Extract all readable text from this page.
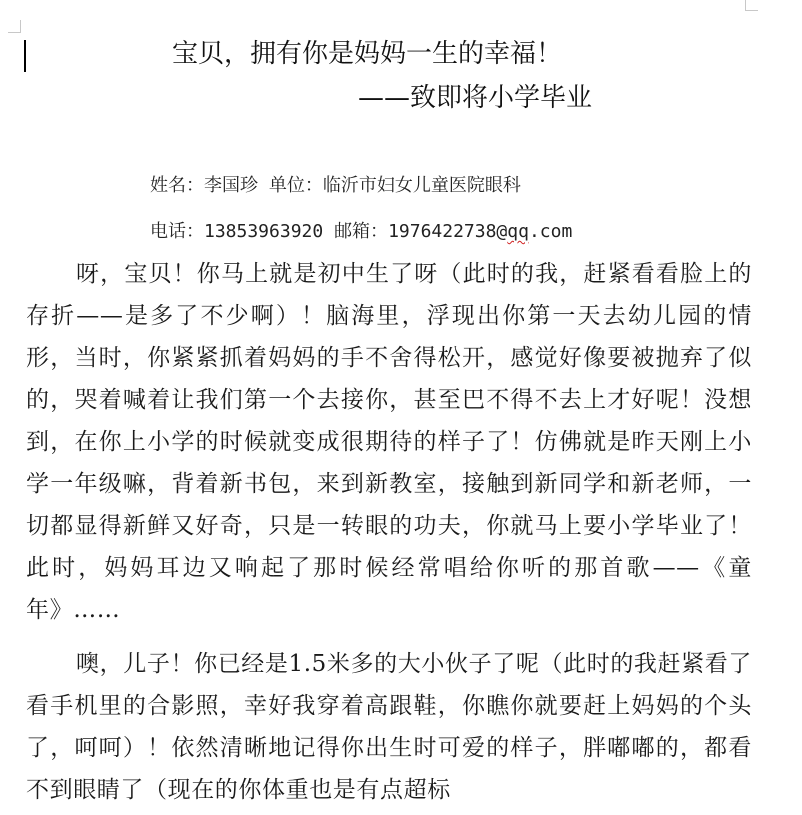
宝贝，拥有你是妈妈一生的幸福！
——致即将小学毕业
姓名：李国珍 单位：临沂市妇女儿童医院眼科
电话：13853963920 邮箱：1976422738@qq.com

呀，宝贝！你马上就是初中生了呀（此时的我，赶紧看看脸上的存折——是多了不少啊）！脑海里，浮现出你第一天去幼儿园的情形，当时，你紧紧抓着妈妈的手不舍得松开，感觉好像要被抛弃了似的，哭着喊着让我们第一个去接你，甚至巴不得不去上才好呢！没想到，在你上小学的时候就变成很期待的样子了！仿佛就是昨天刚上小学一年级嘛，背着新书包，来到新教室，接触到新同学和新老师，一切都显得新鲜又好奇，只是一转眼的功夫，你就马上要小学毕业了！此时，妈妈耳边又响起了那时候经常唱给你听的那首歌——《童年》……

噢，儿子！你已经是1.5米多的大小伙子了呢（此时的我赶紧看了看手机里的合影照，幸好我穿着高跟鞋，你瞧你就要赶上妈妈的个头了，呵呵）！依然清晰地记得你出生时可爱的样子，胖嘟嘟的，都看不到眼睛了（现在的你体重也是有点超标
